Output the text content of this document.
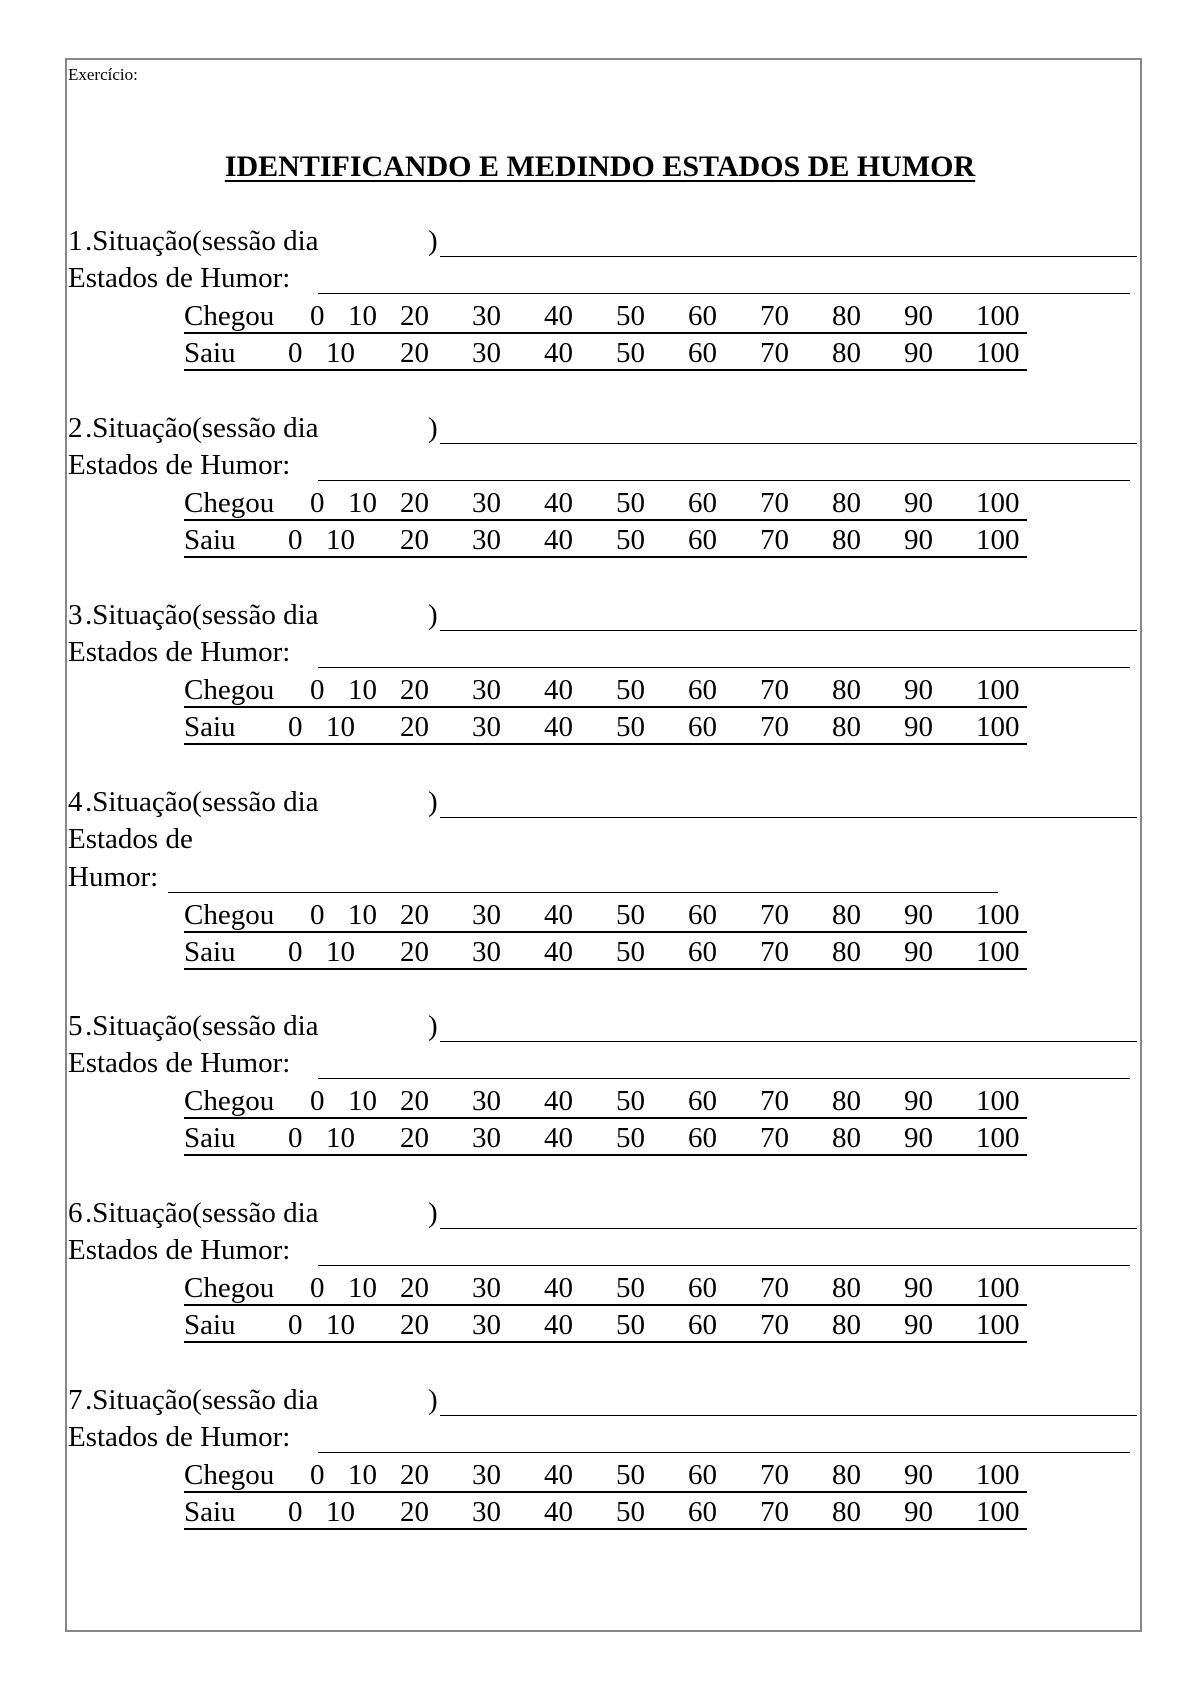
Exercício:
IDENTIFICANDO E MEDINDO ESTADOS DE HUMOR
1 .Situação(sessão dia	)
Estados de Humor:
Chegou 0 10 20 30 40 50 60 70 80 90 100
Saiu 0 10 20 30 40 50 60 70 80 90 100
2 .Situação(sessão dia	)
Estados de Humor:
Chegou 0 10 20 30 40 50 60 70 80 90 100
Saiu 0 10 20 30 40 50 60 70 80 90 100
3 .Situação(sessão dia	)
Estados de Humor:
Chegou 0 10 20 30 40 50 60 70 80 90 100
Saiu 0 10 20 30 40 50 60 70 80 90 100
4 .Situação(sessão dia	)
Estados de
Humor:
Chegou 0 10 20 30 40 50 60 70 80 90 100
Saiu 0 10 20 30 40 50 60 70 80 90 100
5 .Situação(sessão dia	)
Estados de Humor:
Chegou 0 10 20 30 40 50 60 70 80 90 100
Saiu 0 10 20 30 40 50 60 70 80 90 100
6 .Situação(sessão dia	)
Estados de Humor:
Chegou 0 10 20 30 40 50 60 70 80 90 100
Saiu 0 10 20 30 40 50 60 70 80 90 100
7 .Situação(sessão dia	)
Estados de Humor:
Chegou 0 10 20 30 40 50 60 70 80 90 100
Saiu 0 10 20 30 40 50 60 70 80 90 100
